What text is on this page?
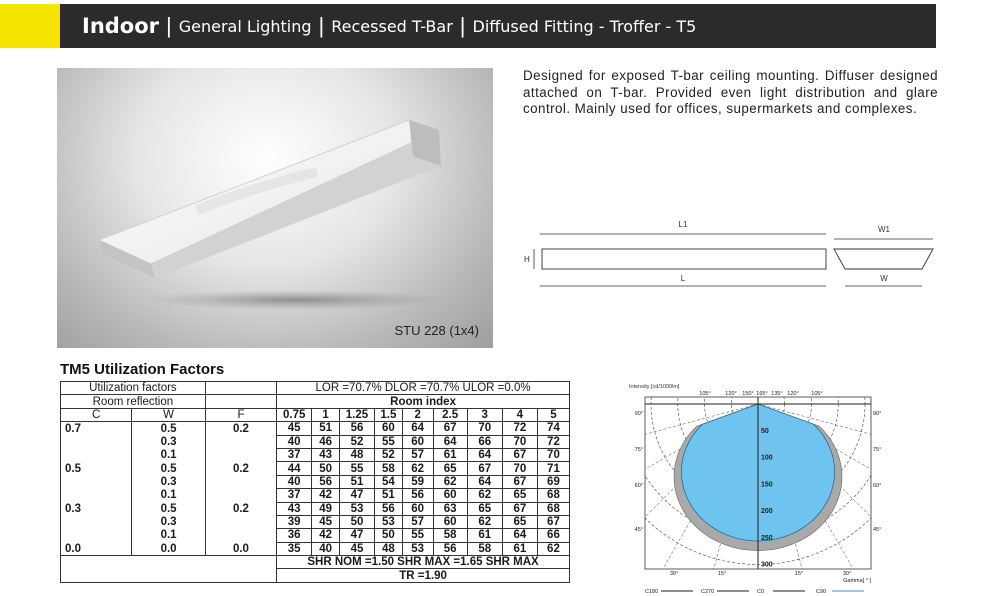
Indoor | General Lighting | Recessed T-Bar | Diffused Fitting - Troffer - T5
STU 228 (1x4)
Designed for exposed T-bar ceiling mounting. Diffuser designed attached on T-bar. Provided even light distribution and glare control. Mainly used for offices, supermarkets and complexes.
L1
W1
H
L	W
TM5 Utilization Factors
Utilization factors			LOR =70.7% DLOR =70.7% ULOR =0.0%								
Room reflection			Room index								
C	W	F	0.75	1	1.25	1.5	2	2.5	3	4	5
0.7	0.5	0.2	45	51	56	60	64	67	70	72	74
	0.3		40	46	52	55	60	64	66	70	72
	0.1		37	43	48	52	57	61	64	67	70
0.5	0.5	0.2	44	50	55	58	62	65	67	70	71
	0.3		40	56	51	54	59	62	64	67	69
	0.1		37	42	47	51	56	60	62	65	68
0.3	0.5	0.2	43	49	53	56	60	63	65	67	68
	0.3		39	45	50	53	57	60	62	65	67
	0.1		36	42	47	50	55	58	61	64	66
0.0	0.0	0.0	35	40	45	48	53	56	58	61	62
			SHR NOM =1.50 SHR MAX =1.65 SHR MAX								
			TR =1.90								
Intensity [cd/1000lm]
105°	120° 150° 165° 135° 120° 105°
90°
75°
60°
45°
90°
75°
60°
45°
50
100
150
200
250
300
30°	15°	15°	30°
Gamma[ ° ]
C180	C270	C0	C90
